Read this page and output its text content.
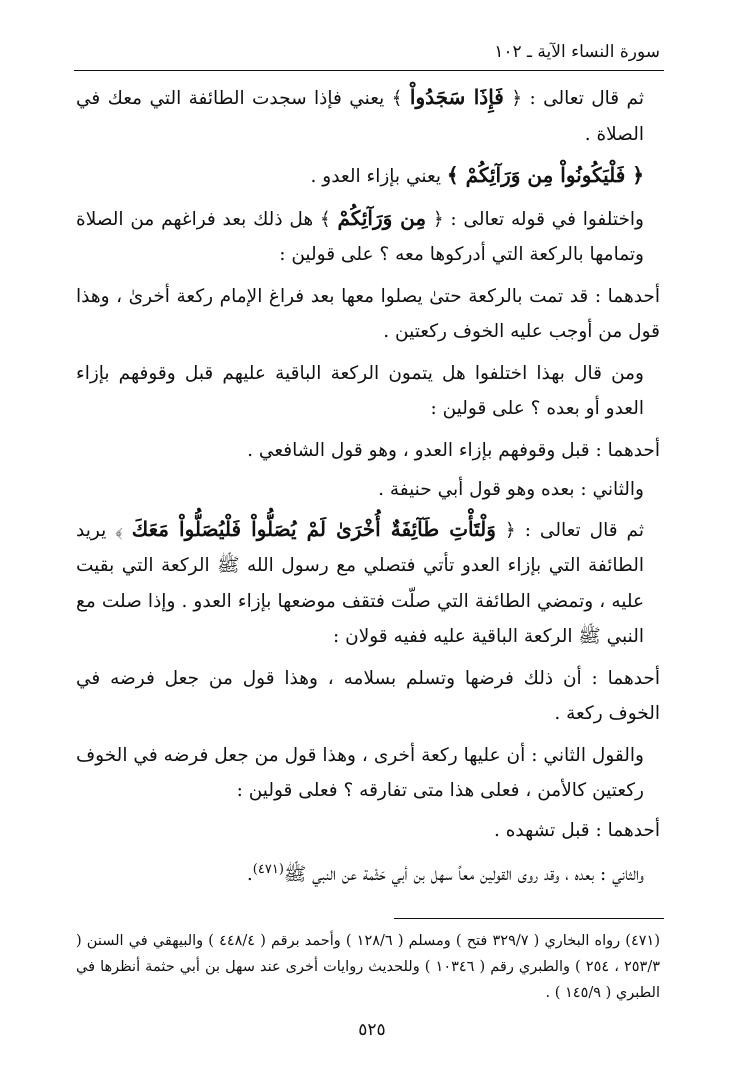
سورة النساء الآية ـ ١٠٢

ثم قال تعالى : ﴿ فَإِذَا سَجَدُواْ ﴾ يعني فإذا سجدت الطائفة التي معك في الصلاة .

﴿ فَلْيَكُونُواْ مِن وَرَآئِكُمْ ﴾ يعني بإزاء العدو .

واختلفوا في قوله تعالى : ﴿ مِن وَرَآئِكُمْ ﴾ هل ذلك بعد فراغهم من الصلاة وتمامها بالركعة التي أدركوها معه ؟ على قولين :

أحدهما : قد تمت بالركعة حتىٰ يصلوا معها بعد فراغ الإمام ركعة أخرىٰ ، وهذا قول من أوجب عليه الخوف ركعتين .

ومن قال بهذا اختلفوا هل يتمون الركعة الباقية عليهم قبل وقوفهم بإزاء العدو أو بعده ؟ على قولين :

أحدهما : قبل وقوفهم بإزاء العدو ، وهو قول الشافعي .

والثاني : بعده وهو قول أبي حنيفة .

ثم قال تعالى : ﴿ وَلْتَأْتِ طَآئِفَةٌ أُخْرَىٰ لَمْ يُصَلُّواْ فَلْيُصَلُّواْ مَعَكَ ﴾ يريد الطائفة التي بإزاء العدو تأتي فتصلي مع رسول الله ﷺ الركعة التي بقيت عليه ، وتمضي الطائفة التي صلّت فتقف موضعها بإزاء العدو . وإذا صلت مع النبي ﷺ الركعة الباقية عليه ففيه قولان :

أحدهما : أن ذلك فرضها وتسلم بسلامه ، وهذا قول من جعل فرضه في الخوف ركعة .

والقول الثاني : أن عليها ركعة أخرى ، وهذا قول من جعل فرضه في الخوف ركعتين كالأمن ، فعلى هذا متى تفارقه ؟ فعلى قولين :

أحدهما : قبل تشهده .

والثاني : بعده ، وقد روى القولين معاً سهل بن أبي حَثْمة عن النبي ﷺ$^{(٤٧١)}$.

(٤٧١) رواه البخاري ( ٣٢٩/٧ فتح ) ومسلم ( ١٢٨/٦ ) وأحمد برقم ( ٤٤٨/٤ ) والبيهقي في السنن ( ٢٥٣/٣ ، ٢٥٤ ) والطبري رقم ( ١٠٣٤٦ ) وللحديث روايات أخرى عند سهل بن أبي حثمة أنظرها في الطبري ( ١٤٥/٩ ) .

٥٢٥
